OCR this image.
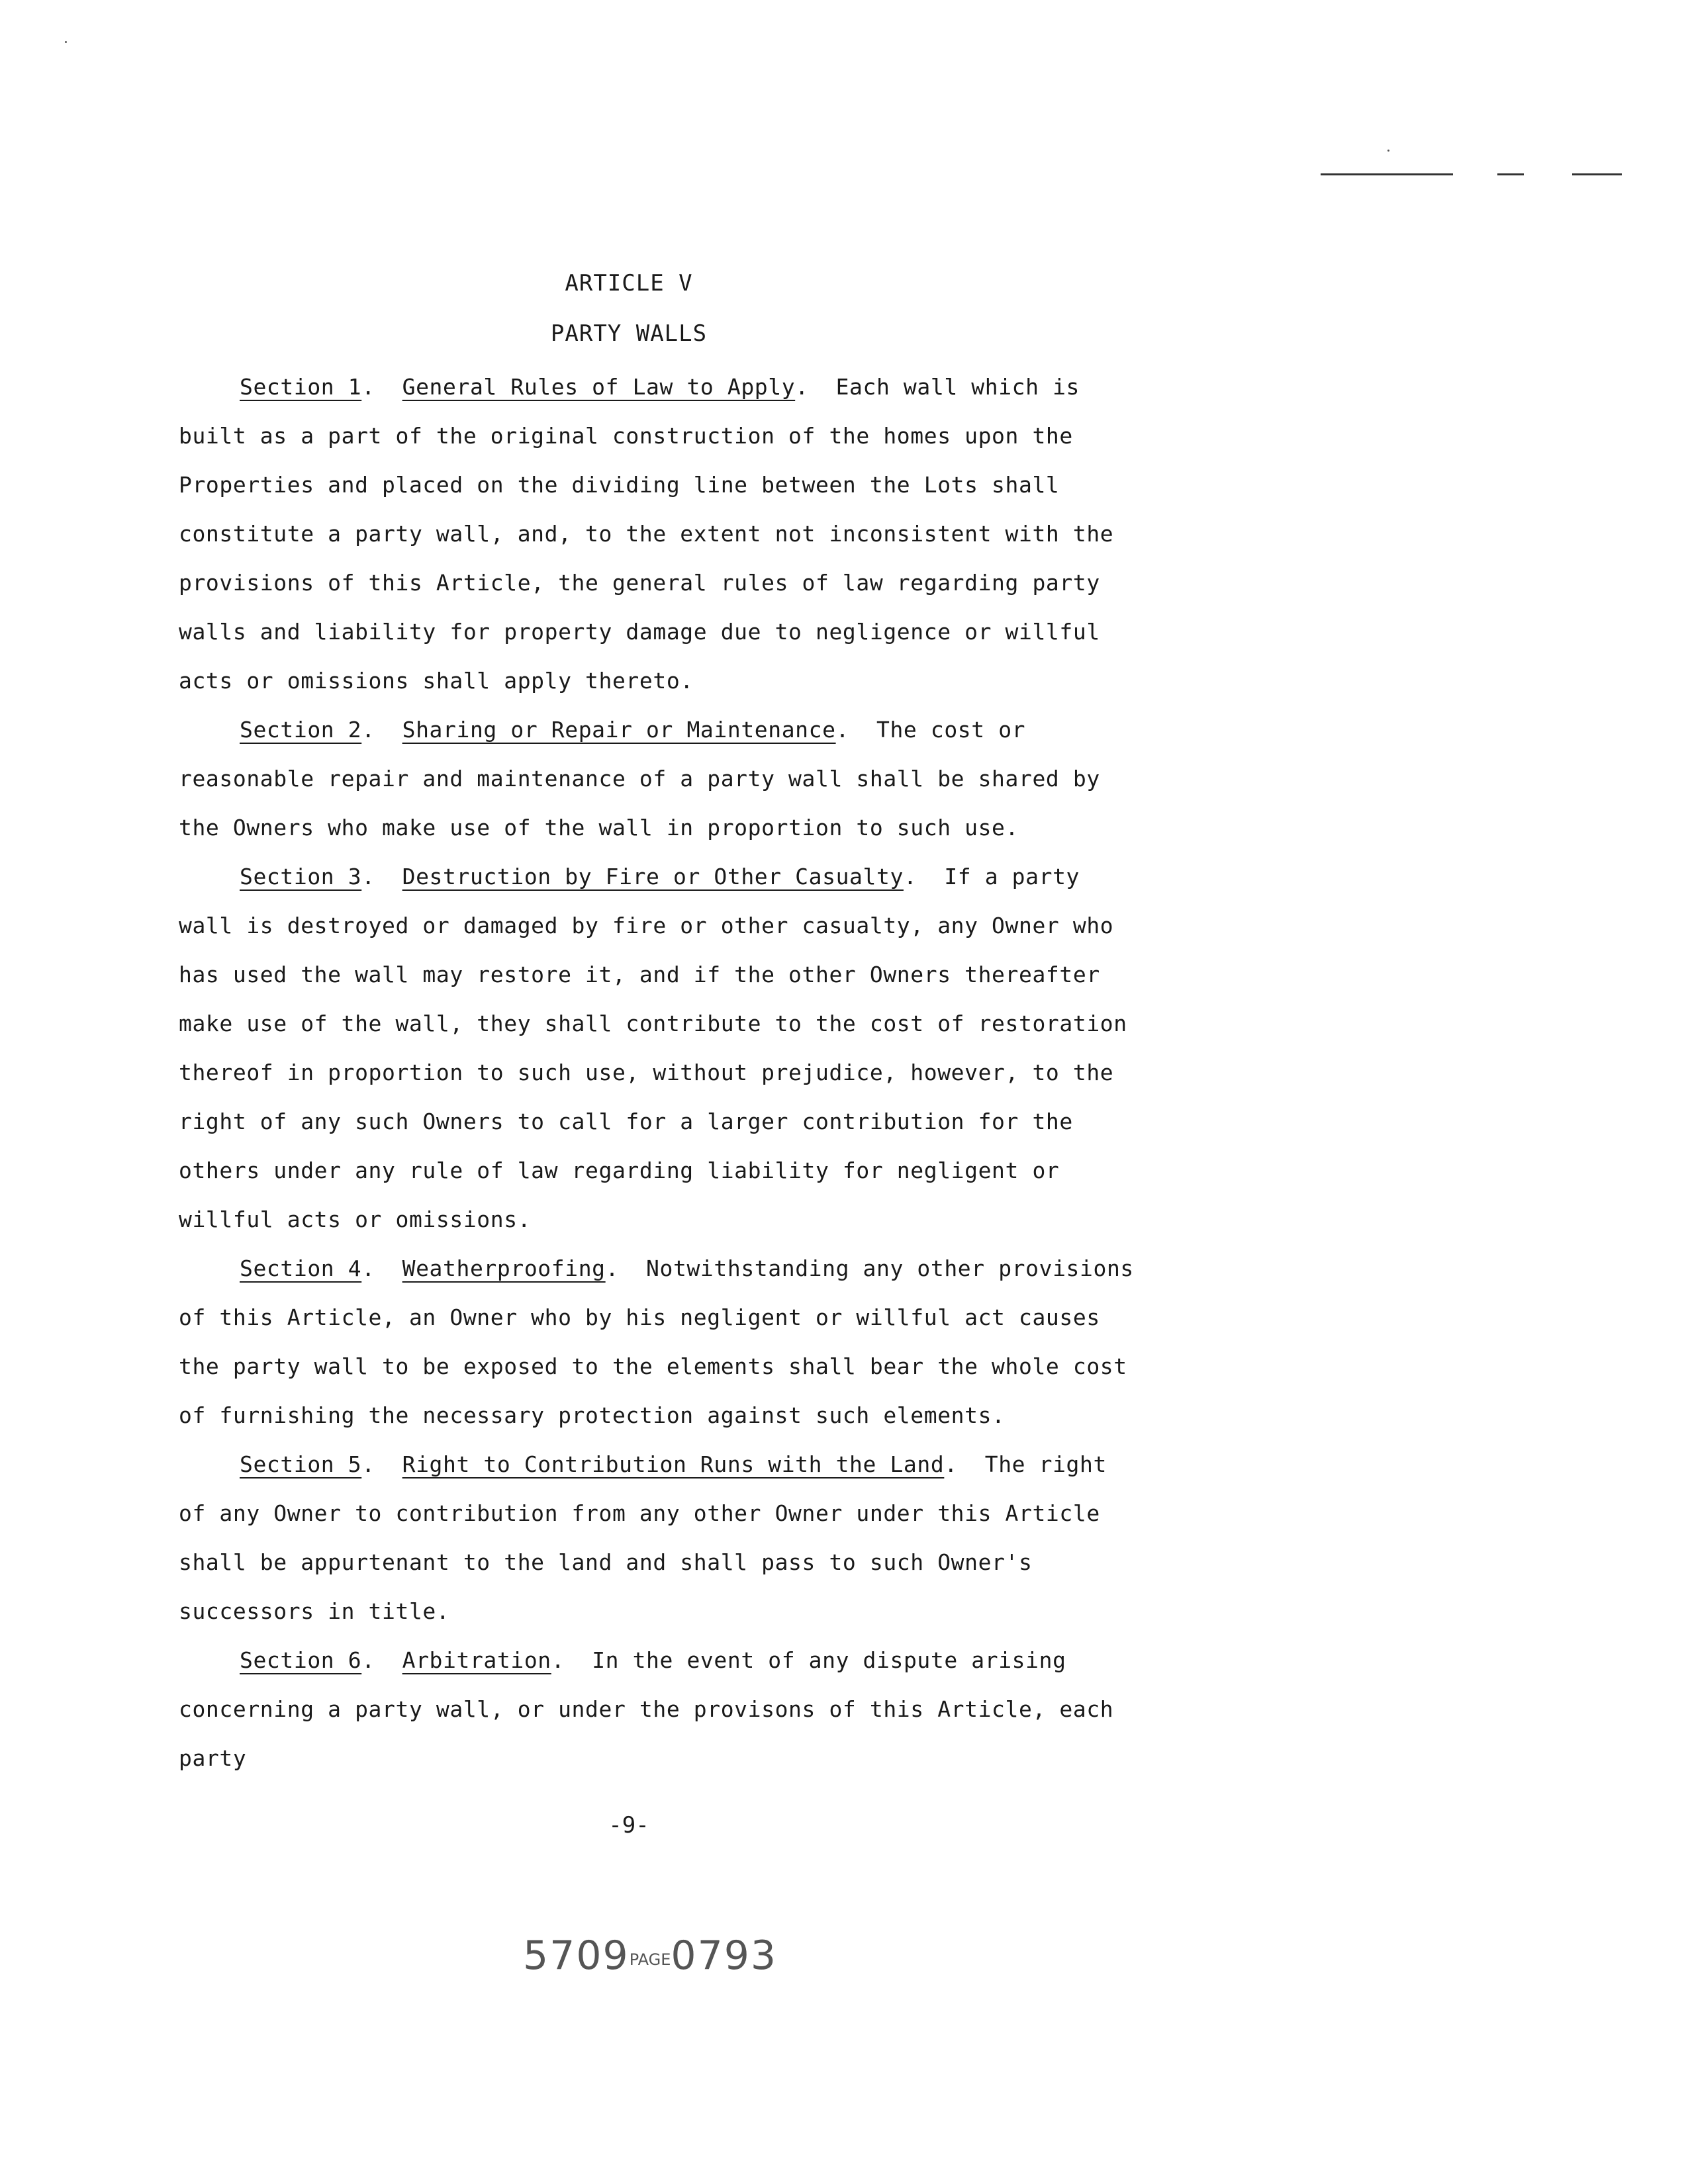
ARTICLE V
PARTY WALLS

Section 1.  General Rules of Law to Apply.  Each wall which is built as a part of the original construction of the homes upon the Properties and placed on the dividing line between the Lots shall constitute a party wall, and, to the extent not inconsistent with the provisions of this Article, the general rules of law regarding party walls and liability for property damage due to negligence or willful acts or omissions shall apply thereto.

Section 2.  Sharing or Repair or Maintenance.  The cost or reasonable repair and maintenance of a party wall shall be shared by the Owners who make use of the wall in proportion to such use.

Section 3.  Destruction by Fire or Other Casualty.  If a party wall is destroyed or damaged by fire or other casualty, any Owner who has used the wall may restore it, and if the other Owners thereafter make use of the wall, they shall contribute to the cost of restoration thereof in proportion to such use, without prejudice, however, to the right of any such Owners to call for a larger contribution for the others under any rule of law regarding liability for negligent or willful acts or omissions.

Section 4.  Weatherproofing.  Notwithstanding any other provisions of this Article, an Owner who by his negligent or willful act causes the party wall to be exposed to the elements shall bear the whole cost of furnishing the necessary protection against such elements.

Section 5.  Right to Contribution Runs with the Land.  The right of any Owner to contribution from any other Owner under this Article shall be appurtenant to the land and shall pass to such Owner's successors in title.

Section 6.  Arbitration.  In the event of any dispute arising concerning a party wall, or under the provisons of this Article, each party

-9-
5709PAGE0793
